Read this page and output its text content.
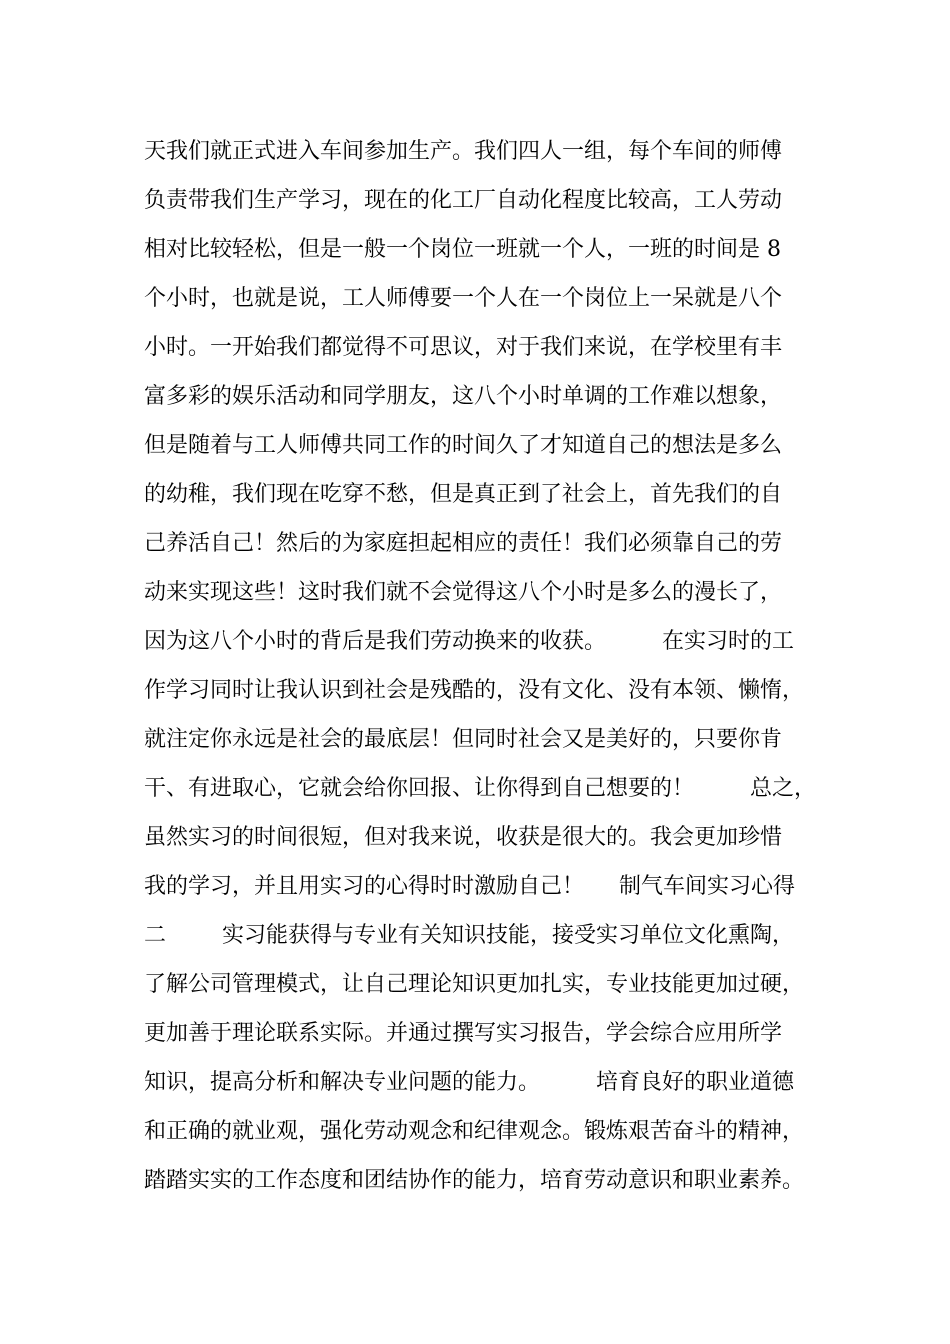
天我们就正式进入车间参加生产。我们四人一组，每个车间的师傅
负责带我们生产学习，现在的化工厂自动化程度比较高，工人劳动
相对比较轻松，但是一般一个岗位一班就一个人，一班的时间是 8
个小时，也就是说，工人师傅要一个人在一个岗位上一呆就是八个
小时。一开始我们都觉得不可思议，对于我们来说，在学校里有丰
富多彩的娱乐活动和同学朋友，这八个小时单调的工作难以想象，
但是随着与工人师傅共同工作的时间久了才知道自己的想法是多么
的幼稚，我们现在吃穿不愁，但是真正到了社会上，首先我们的自
己养活自己！然后的为家庭担起相应的责任！我们必须靠自己的劳
动来实现这些！这时我们就不会觉得这八个小时是多么的漫长了，
因为这八个小时的背后是我们劳动换来的收获。        在实习时的工
作学习同时让我认识到社会是残酷的，没有文化、没有本领、懒惰，
就注定你永远是社会的最底层！但同时社会又是美好的，只要你肯
干、有进取心，它就会给你回报、让你得到自己想要的！        总之，
虽然实习的时间很短，但对我来说，收获是很大的。我会更加珍惜
我的学习，并且用实习的心得时时激励自己！     制气车间实习心得
二        实习能获得与专业有关知识技能，接受实习单位文化熏陶，
了解公司管理模式，让自己理论知识更加扎实，专业技能更加过硬，
更加善于理论联系实际。并通过撰写实习报告，学会综合应用所学
知识，提高分析和解决专业问题的能力。        培育良好的职业道德
和正确的就业观，强化劳动观念和纪律观念。锻炼艰苦奋斗的精神，
踏踏实实的工作态度和团结协作的能力，培育劳动意识和职业素养。
